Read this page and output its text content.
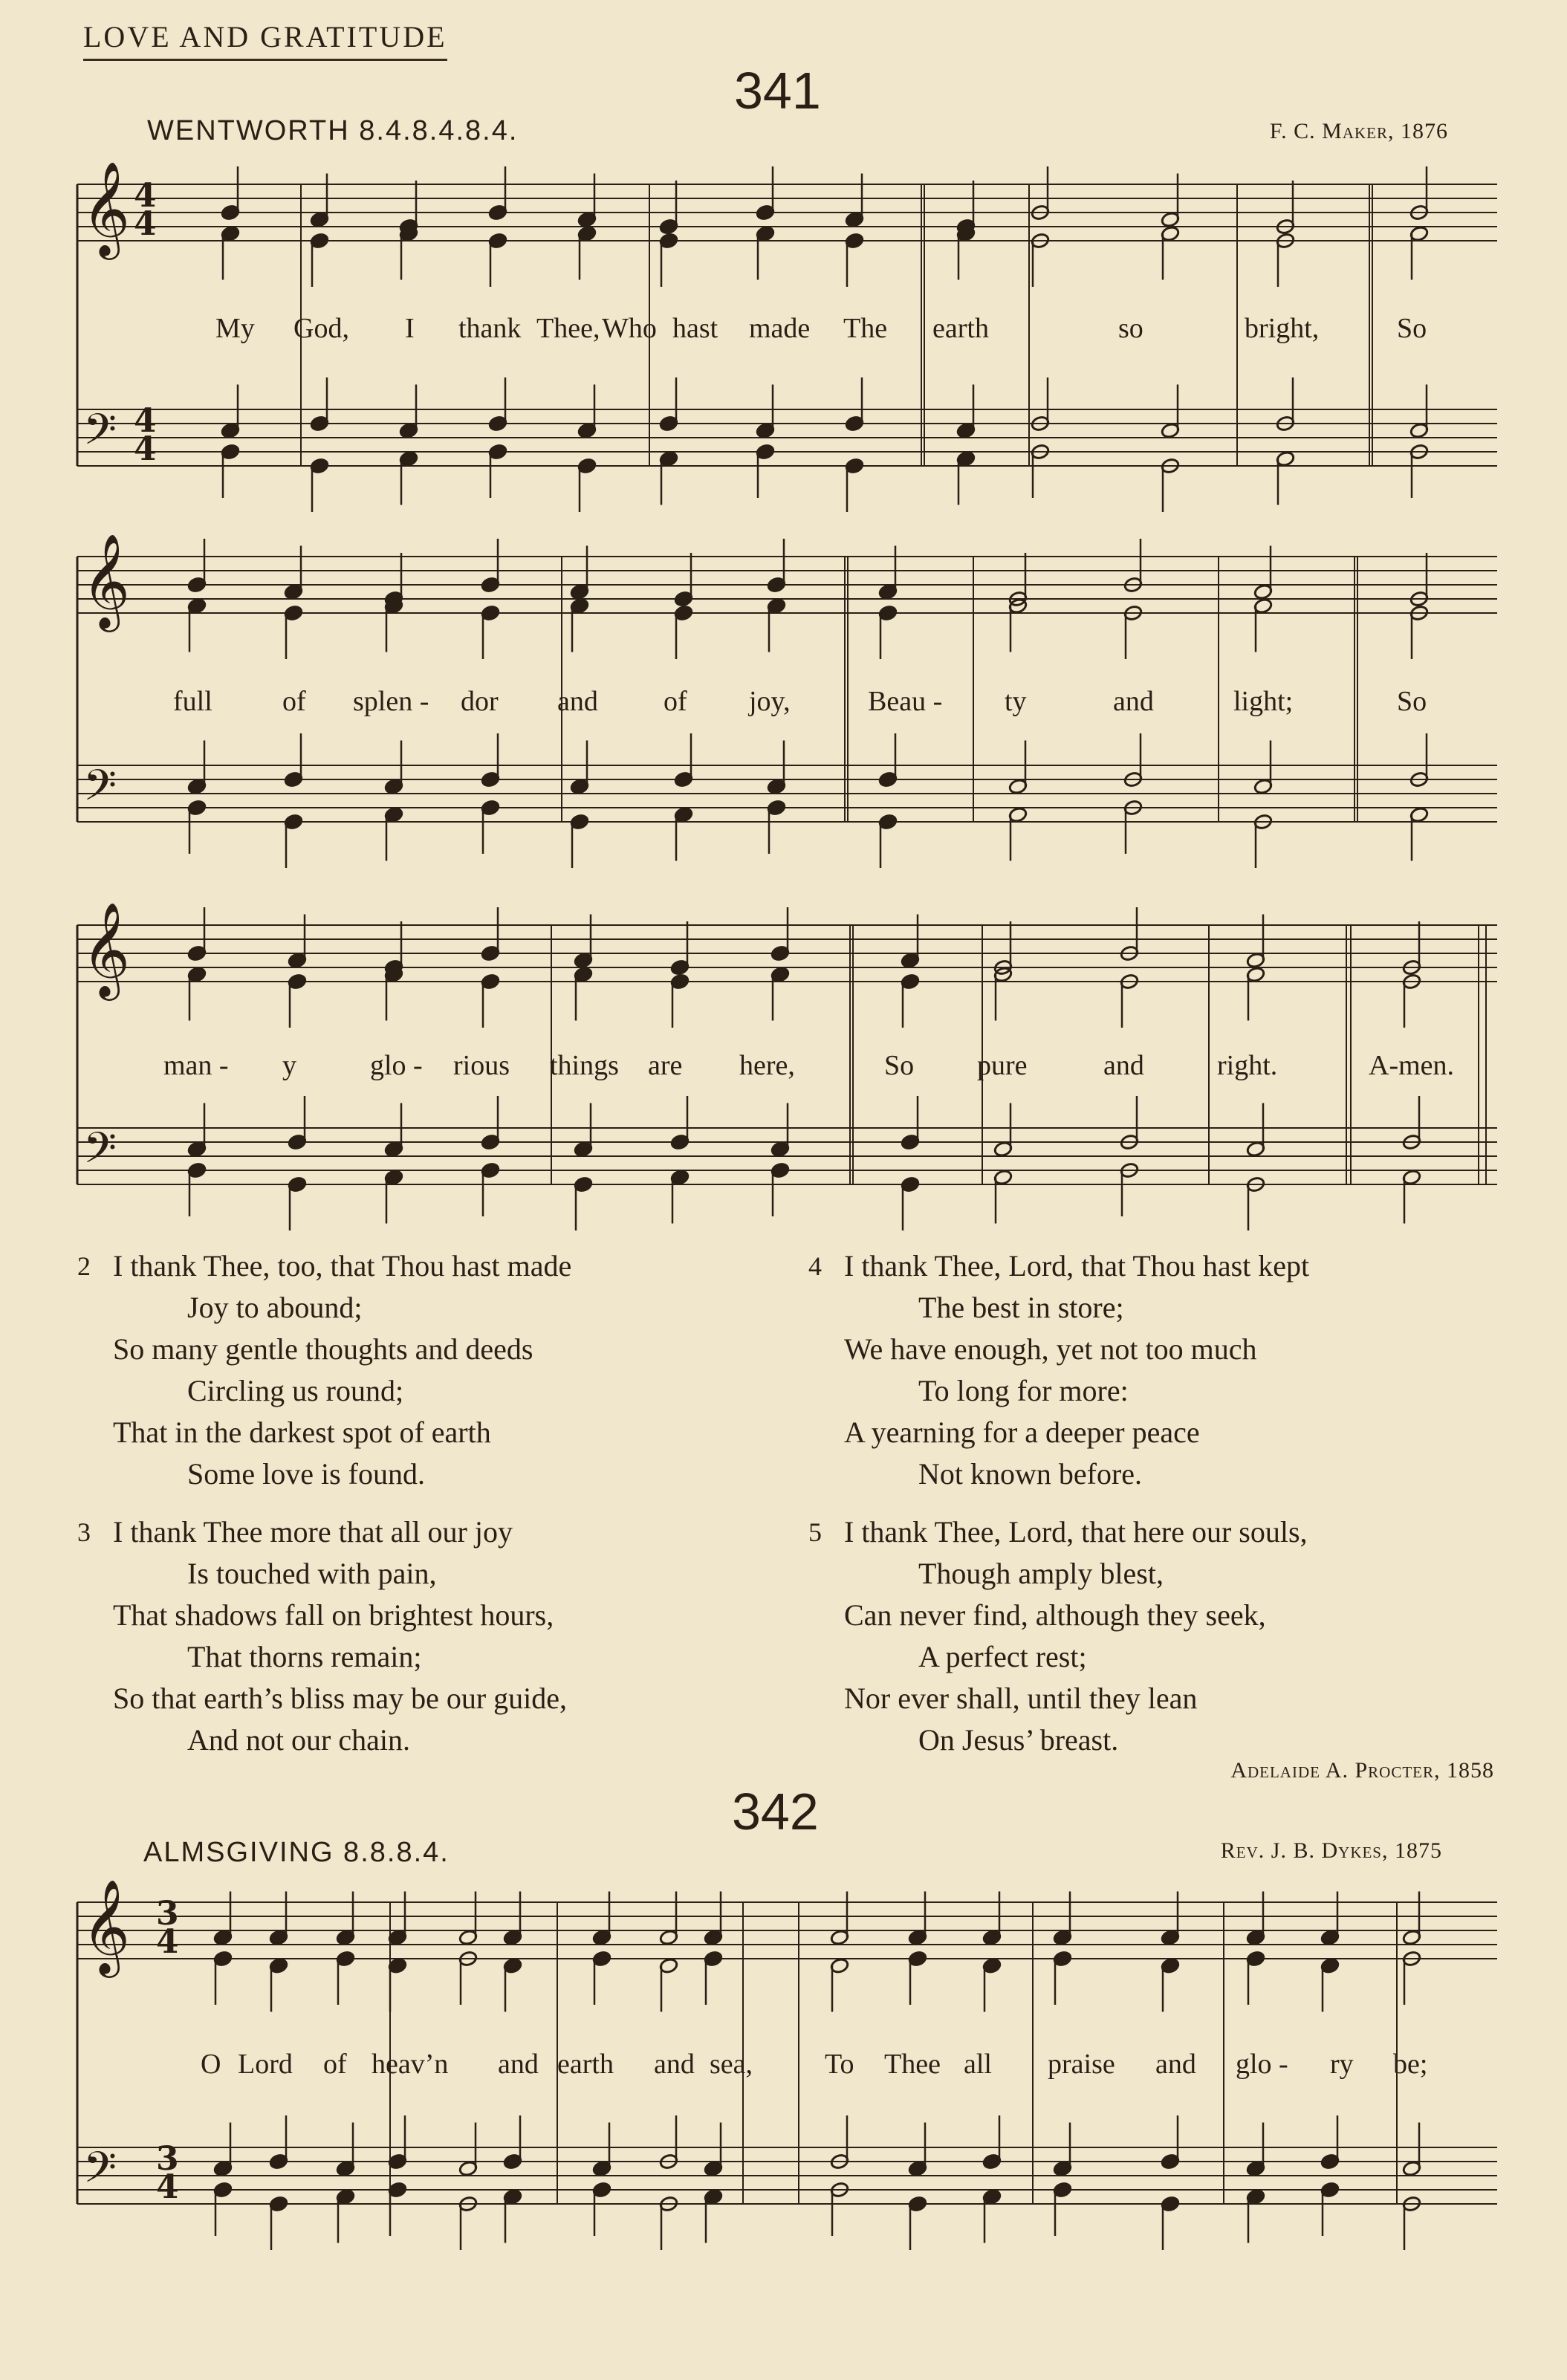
LOVE AND GRATITUDE
341
WENTWORTH 8.4.8.4.8.4.	F. C. Maker, 1876
𝄞
𝄢
𝄞
𝄢
𝄞
𝄢
4
4
4
4
𝄞
𝄢
3
4
3
4
My God, I thank Thee, Who hast made The earth	so	bright,	So
full of splen - dor and of joy,	Beau - ty	and	light;	So
man - y	glo - rious things are here,	So pure	and	right.	A-men.
2 I thank Thee, too, that Thou hast made
Joy to abound;
So many gentle thoughts and deeds
Circling us round;
That in the darkest spot of earth
Some love is found.
3 I thank Thee more that all our joy
Is touched with pain,
That shadows fall on brightest hours,
That thorns remain;
So that earth’s bliss may be our guide,
And not our chain.
4 I thank Thee, Lord, that Thou hast kept
The best in store;
We have enough, yet not too much
To long for more:
A yearning for a deeper peace
Not known before.
5 I thank Thee, Lord, that here our souls,
Though amply blest,
Can never find, although they seek,
A perfect rest;
Nor ever shall, until they lean
On Jesus’ breast.
Adelaide A. Procter, 1858
342
ALMSGIVING 8.8.8.4.	Rev. J. B. Dykes, 1875
O Lord of heav’n and earth and sea,	To Thee all praise and glo - ry be;
